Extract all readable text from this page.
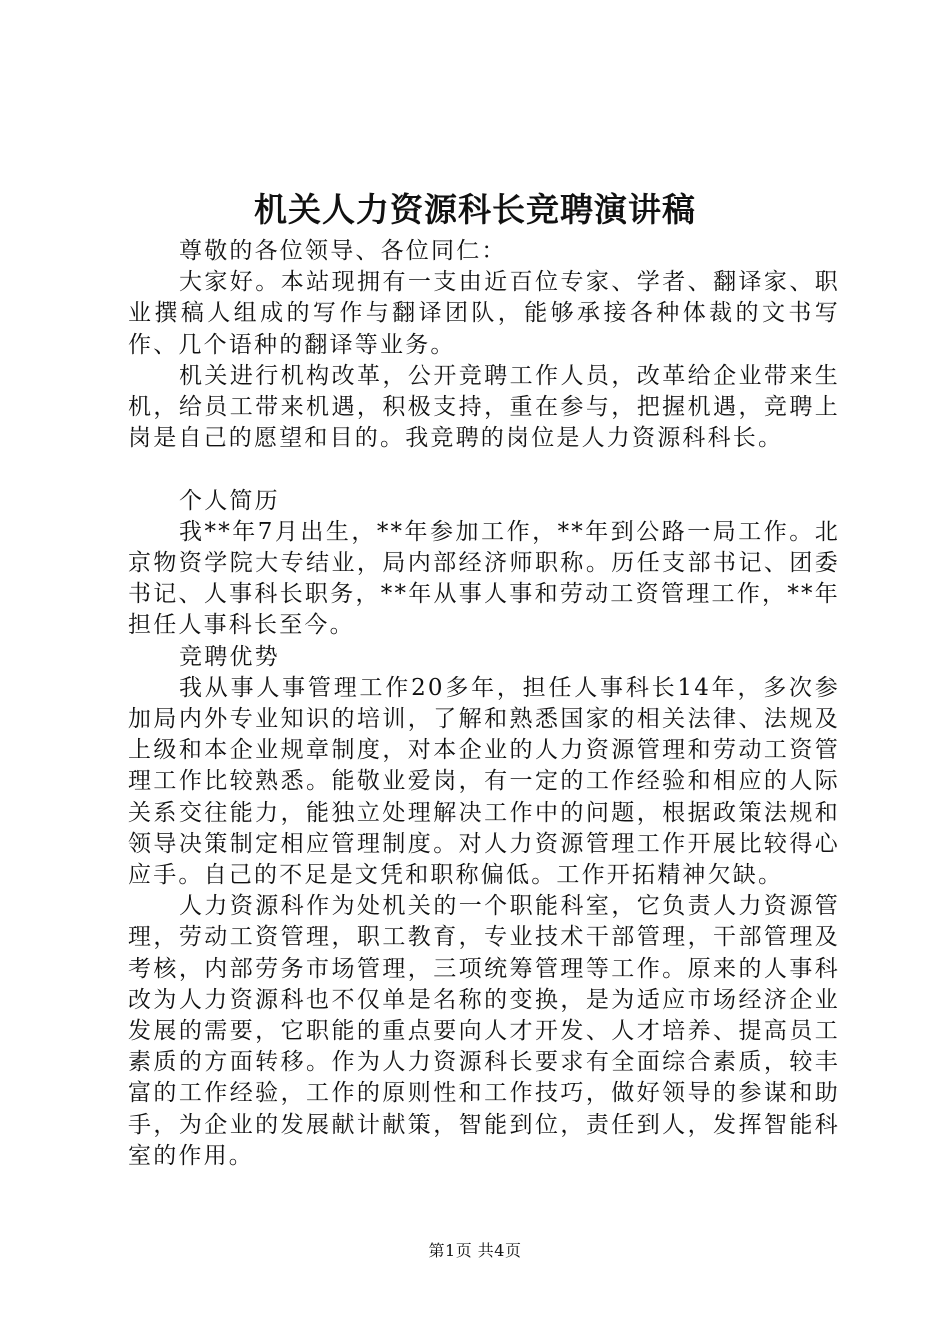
机关人力资源科长竞聘演讲稿

尊敬的各位领导、各位同仁：

大家好。本站现拥有一支由近百位专家、学者、翻译家、职业撰稿人组成的写作与翻译团队，能够承接各种体裁的文书写作、几个语种的翻译等业务。

机关进行机构改革，公开竞聘工作人员，改革给企业带来生机，给员工带来机遇，积极支持，重在参与，把握机遇，竞聘上岗是自己的愿望和目的。我竞聘的岗位是人力资源科科长。

个人简历

我**年7月出生，**年参加工作，**年到公路一局工作。北京物资学院大专结业，局内部经济师职称。历任支部书记、团委书记、人事科长职务，**年从事人事和劳动工资管理工作，**年担任人事科长至今。

竞聘优势

我从事人事管理工作20多年，担任人事科长14年，多次参加局内外专业知识的培训，了解和熟悉国家的相关法律、法规及上级和本企业规章制度，对本企业的人力资源管理和劳动工资管理工作比较熟悉。能敬业爱岗，有一定的工作经验和相应的人际关系交往能力，能独立处理解决工作中的问题，根据政策法规和领导决策制定相应管理制度。对人力资源管理工作开展比较得心应手。自己的不足是文凭和职称偏低。工作开拓精神欠缺。

人力资源科作为处机关的一个职能科室，它负责人力资源管理，劳动工资管理，职工教育，专业技术干部管理，干部管理及考核，内部劳务市场管理，三项统筹管理等工作。原来的人事科改为人力资源科也不仅单是名称的变换，是为适应市场经济企业发展的需要，它职能的重点要向人才开发、人才培养、提高员工素质的方面转移。作为人力资源科长要求有全面综合素质，较丰富的工作经验，工作的原则性和工作技巧，做好领导的参谋和助手，为企业的发展献计献策，智能到位，责任到人，发挥智能科室的作用。

第1页 共4页
